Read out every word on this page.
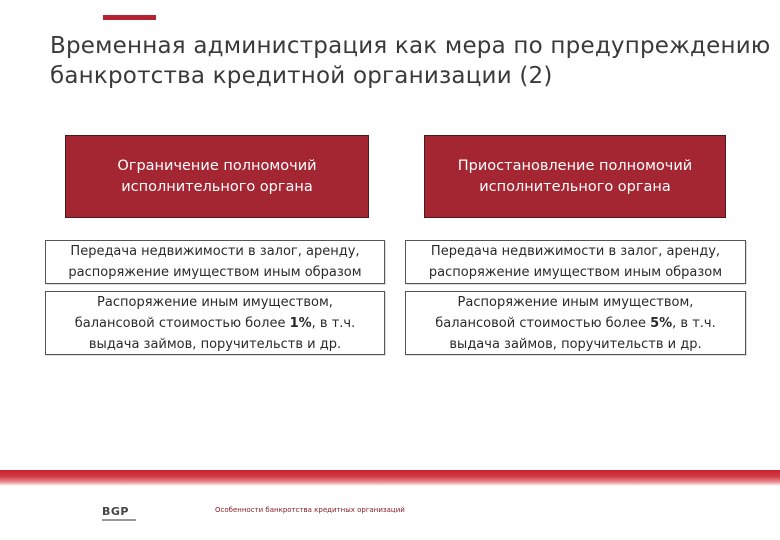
Временная администрация как мера по предупреждению
банкротства кредитной организации (2)
Ограничение полномочий
исполнительного органа
Приостановление полномочий
исполнительного органа
Передача недвижимости в залог, аренду,
распоряжение имуществом иным образом
Передача недвижимости в залог, аренду,
распоряжение имуществом иным образом
Распоряжение иным имуществом,
балансовой стоимостью более 1%, в т.ч.
выдача займов, поручительств и др.
Распоряжение иным имуществом,
балансовой стоимостью более 5%, в т.ч.
выдача займов, поручительств и др.
BGP	Особенности банкротства кредитных организаций
